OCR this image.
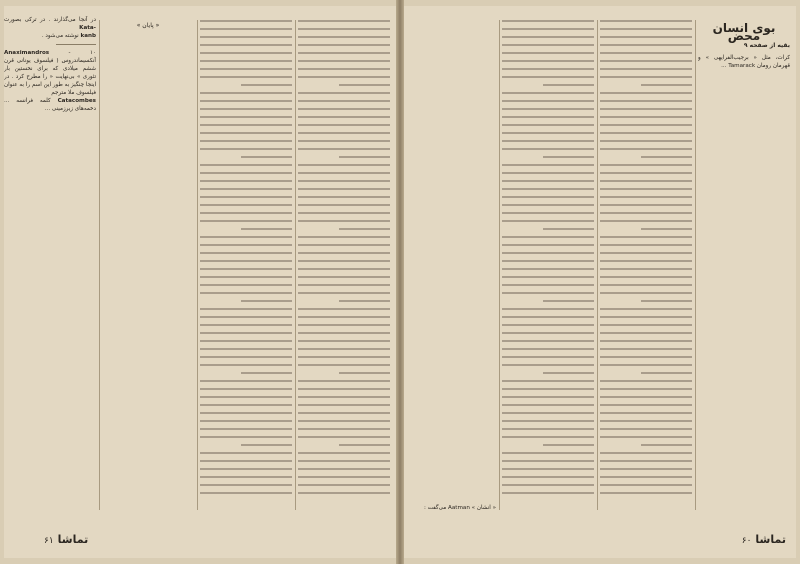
« پایان »
در آنجا می‌گذارند . در ترکی بصورت Kata-
kanb نوشته می‌شود .
۱۰ - Anaximandros آنکسیماندروس ( فیلسوف یونانی قرن ششم میلادی که برای نخستین بار تئوری » بی‌نهایت « را مطرح کرد . در اینجا چنگیز به طور این اسم را به عنوان فیلسوف ملا مترجم
Catacombes کلمه فرانسه ... دخمه‌های زیرزمینی ...
تماشا
۶۱
بوی انسان محض
بقیه از صفحه ۹
کرات، مثل « برجیب‌الفرایهی » و قهرمان رومان Tamarack ...
« انشان » Aatman می‌گفت :
تماشا
۶۰
